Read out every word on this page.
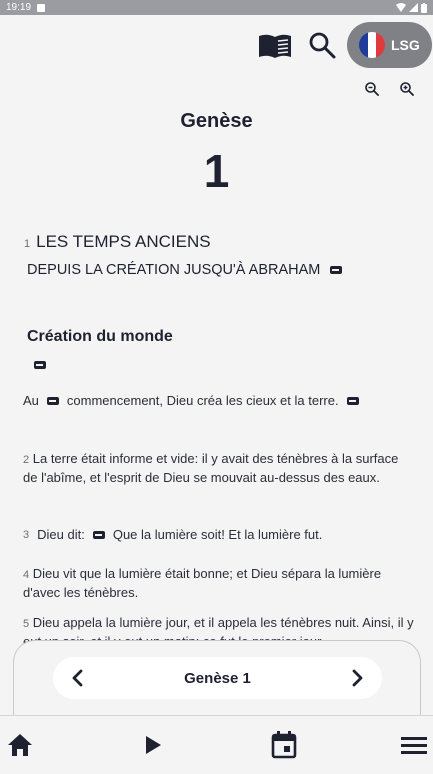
19:19
LSG
Genèse
1
1 LES TEMPS ANCIENS
DEPUIS LA CRÉATION JUSQU'À ABRAHAM
Création du monde
Au commencement, Dieu créa les cieux et la terre.
2 La terre était informe et vide: il y avait des ténèbres à la surface de l'abîme, et l'esprit de Dieu se mouvait au-dessus des eaux.
3 Dieu dit: Que la lumière soit! Et la lumière fut.
4 Dieu vit que la lumière était bonne; et Dieu sépara la lumière d'avec les ténèbres.
5 Dieu appela la lumière jour, et il appela les ténèbres nuit. Ainsi, il y
Genèse 1
